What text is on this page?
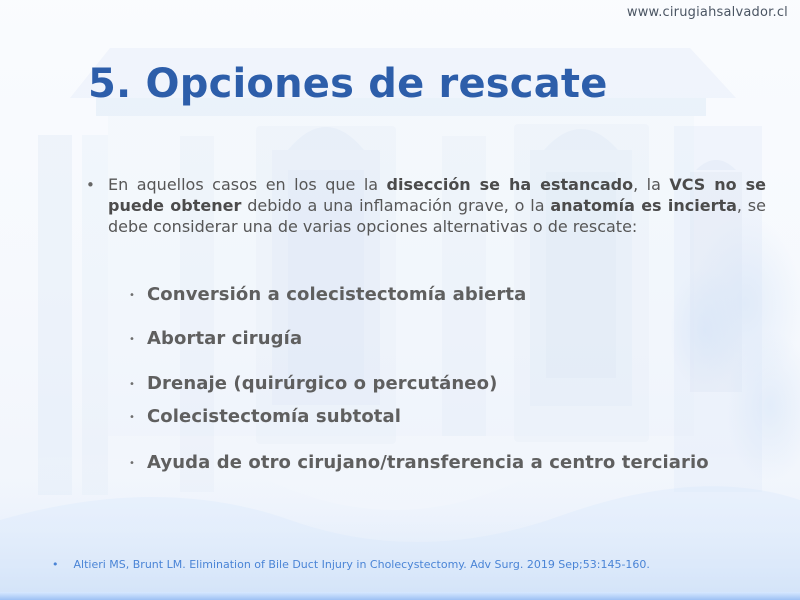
www.cirugiahsalvador.cl
5. Opciones de rescate
• En aquellos casos en los que la disección se ha estancado, la VCS no se puede obtener debido a una inflamación grave, o la anatomía es incierta, se debe considerar una de varias opciones alternativas o de rescate:
• Conversión a colecistectomía abierta
• Abortar cirugía
• Drenaje (quirúrgico o percutáneo)
• Colecistectomía subtotal
• Ayuda de otro cirujano/transferencia a centro terciario
• Altieri MS, Brunt LM. Elimination of Bile Duct Injury in Cholecystectomy. Adv Surg. 2019 Sep;53:145-160.
